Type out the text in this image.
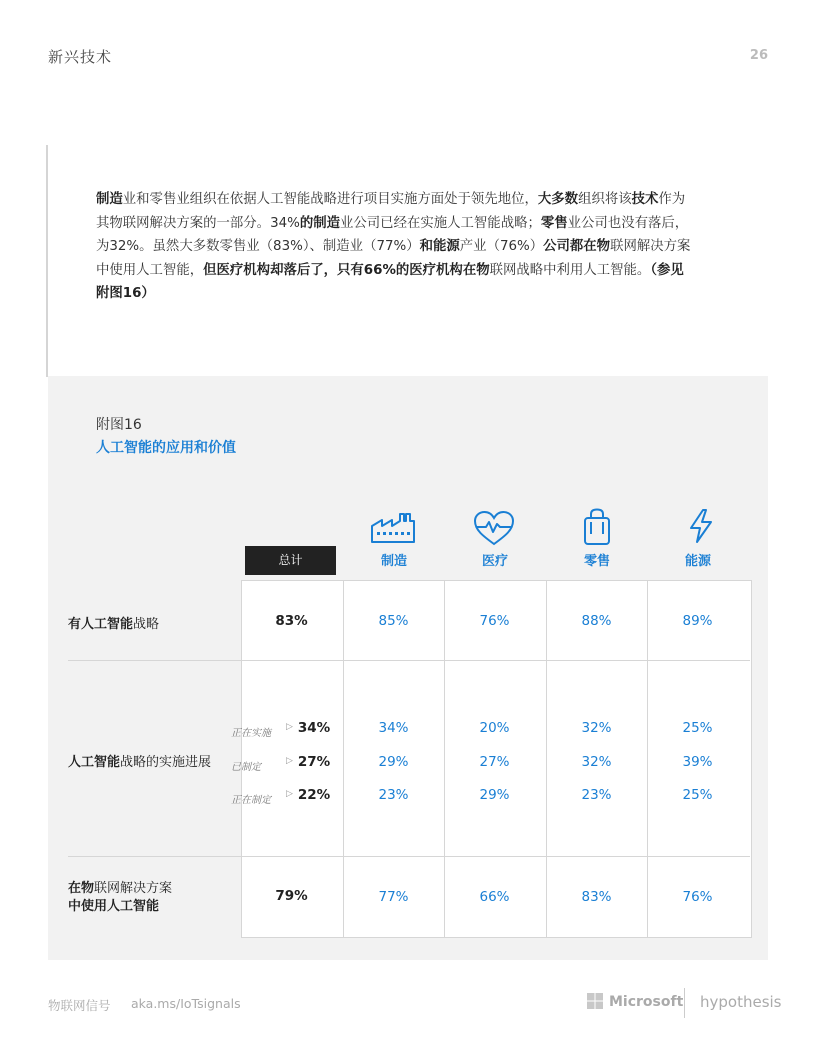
新兴技术	26
制造业和零售业组织在依据人工智能战略进行项目实施方面处于领先地位，大多数组织将该技术作为其物联网解决方案的一部分。34%的制造业公司已经在实施人工智能战略；零售业公司也没有落后，为32%。虽然大多数零售业（83%）、制造业（77%）和能源产业（76%）公司都在物联网解决方案中使用人工智能，但医疗机构却落后了，只有66%的医疗机构在物联网战略中利用人工智能。（参见附图16）
附图16
人工智能的应用和价值
总计	制造	医疗	零售	能源
有人工智能战略	83%	85%	76%	88%	89%
人工智能战略的实施进展
正在实施
▷ 34%	34%	20%	32%	25%
已制定
▷ 27%	29%	27%	32%	39%
正在制定
▷ 22%	23%	29%	23%	25%
在物联网解决方案
中使用人工智能
79%	77%	66%	83%	76%
物联网信号 aka.ms/IoTsignals	Microsoft hypothesis
